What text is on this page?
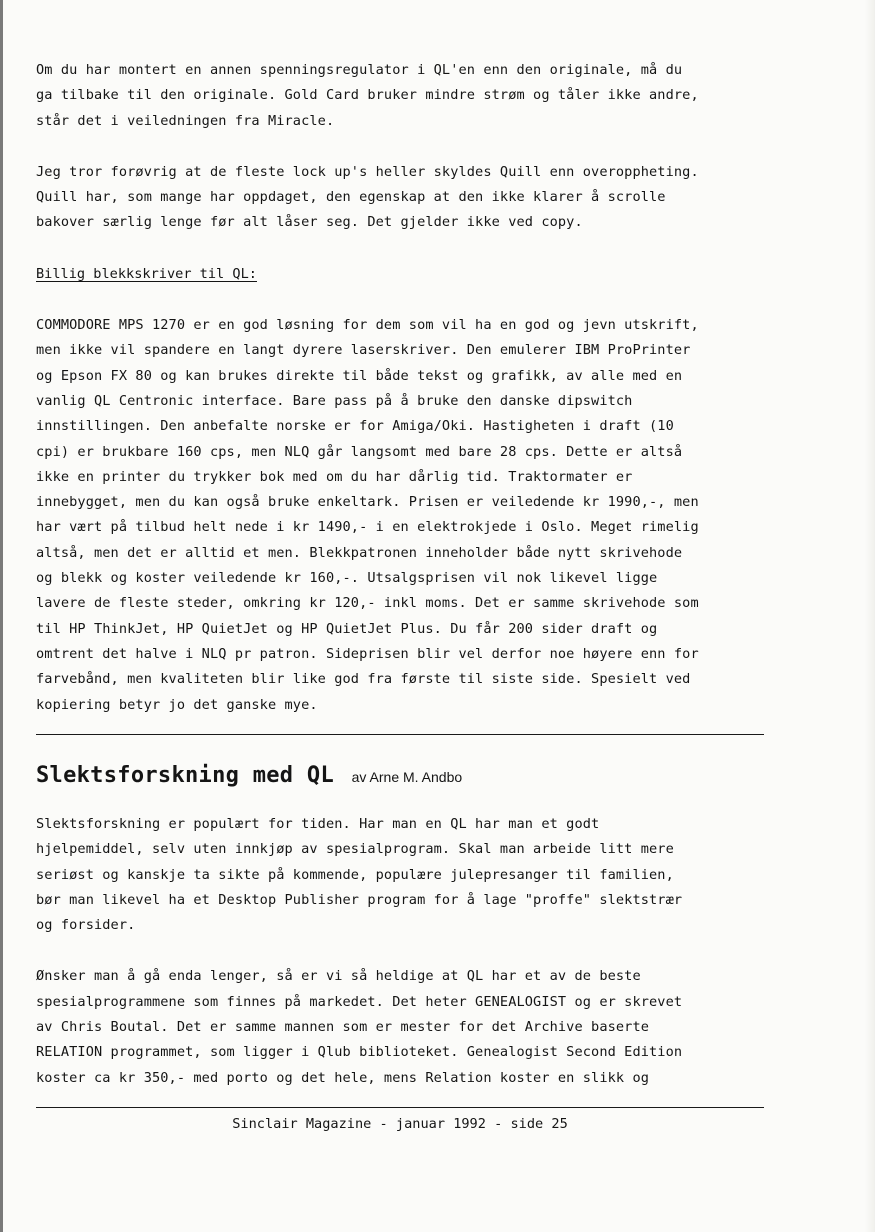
Om du har montert en annen spenningsregulator i QL'en enn den originale, må du
ga tilbake til den originale. Gold Card bruker mindre strøm og tåler ikke andre,
står det i veiledningen fra Miracle.
Jeg tror forøvrig at de fleste lock up's heller skyldes Quill enn overoppheting.
Quill har, som mange har oppdaget, den egenskap at den ikke klarer å scrolle
bakover særlig lenge før alt låser seg. Det gjelder ikke ved copy.
Billig blekkskriver til QL:
COMMODORE MPS 1270 er en god løsning for dem som vil ha en god og jevn utskrift,
men ikke vil spandere en langt dyrere laserskriver. Den emulerer IBM ProPrinter
og Epson FX 80 og kan brukes direkte til både tekst og grafikk, av alle med en
vanlig QL Centronic interface. Bare pass på å bruke den danske dipswitch
innstillingen. Den anbefalte norske er for Amiga/Oki. Hastigheten i draft (10
cpi) er brukbare 160 cps, men NLQ går langsomt med bare 28 cps. Dette er altså
ikke en printer du trykker bok med om du har dårlig tid. Traktormater er
innebygget, men du kan også bruke enkeltark. Prisen er veiledende kr 1990,-, men
har vært på tilbud helt nede i kr 1490,- i en elektrokjede i Oslo. Meget rimelig
altså, men det er alltid et men. Blekkpatronen inneholder både nytt skrivehode
og blekk og koster veiledende kr 160,-. Utsalgsprisen vil nok likevel ligge
lavere de fleste steder, omkring kr 120,- inkl moms. Det er samme skrivehode som
til HP ThinkJet, HP QuietJet og HP QuietJet Plus. Du får 200 sider draft og
omtrent det halve i NLQ pr patron. Sideprisen blir vel derfor noe høyere enn for
farvebånd, men kvaliteten blir like god fra første til siste side. Spesielt ved
kopiering betyr jo det ganske mye.
Slektsforskning med QL av Arne M. Andbo
Slektsforskning er populært for tiden. Har man en QL har man et godt
hjelpemiddel, selv uten innkjøp av spesialprogram. Skal man arbeide litt mere
seriøst og kanskje ta sikte på kommende, populære julepresanger til familien,
bør man likevel ha et Desktop Publisher program for å lage "proffe" slektstrær
og forsider.
Ønsker man å gå enda lenger, så er vi så heldige at QL har et av de beste
spesialprogrammene som finnes på markedet. Det heter GENEALOGIST og er skrevet
av Chris Boutal. Det er samme mannen som er mester for det Archive baserte
RELATION programmet, som ligger i Qlub biblioteket. Genealogist Second Edition
koster ca kr 350,- med porto og det hele, mens Relation koster en slikk og
Sinclair Magazine - januar 1992 - side 25
